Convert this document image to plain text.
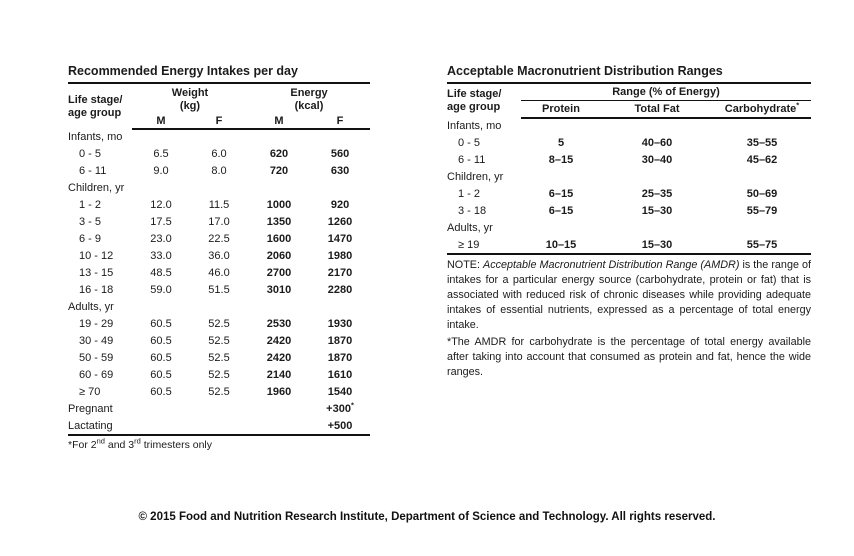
Recommended Energy Intakes per day
Life stage/
age group	Weight
(kg)		Energy
(kcal)	
	M	F	M	F
Infants, mo				
0 - 5	6.5	6.0	620	560
6 - 11	9.0	8.0	720	630
Children, yr				
1 - 2	12.0	11.5	1000	920
3 - 5	17.5	17.0	1350	1260
6 - 9	23.0	22.5	1600	1470
10 - 12	33.0	36.0	2060	1980
13 - 15	48.5	46.0	2700	2170
16 - 18	59.0	51.5	3010	2280
Adults, yr				
19 - 29	60.5	52.5	2530	1930
30 - 49	60.5	52.5	2420	1870
50 - 59	60.5	52.5	2420	1870
60 - 69	60.5	52.5	2140	1610
≥ 70	60.5	52.5	1960	1540
Pregnant				+300*
Lactating				+500
*For 2nd and 3rd trimesters only
Acceptable Macronutrient Distribution Ranges
Life stage/
age group	Range (% of Energy)		
	Protein	Total Fat	Carbohydrate*
Infants, mo			
0 - 5	5	40–60	35–55
6 - 11	8–15	30–40	45–62
Children, yr			
1 - 2	6–15	25–35	50–69
3 - 18	6–15	15–30	55–79
Adults, yr			
≥ 19	10–15	15–30	55–75
NOTE: Acceptable Macronutrient Distribution Range (AMDR) is the range of intakes for a particular energy source (carbohydrate, protein or fat) that is associated with reduced risk of chronic diseases while providing adequate intakes of essential nutrients, expressed as a percentage of total energy intake.
*The AMDR for carbohydrate is the percentage of total energy available after taking into account that consumed as protein and fat, hence the wide ranges.
© 2015 Food and Nutrition Research Institute, Department of Science and Technology. All rights reserved.
